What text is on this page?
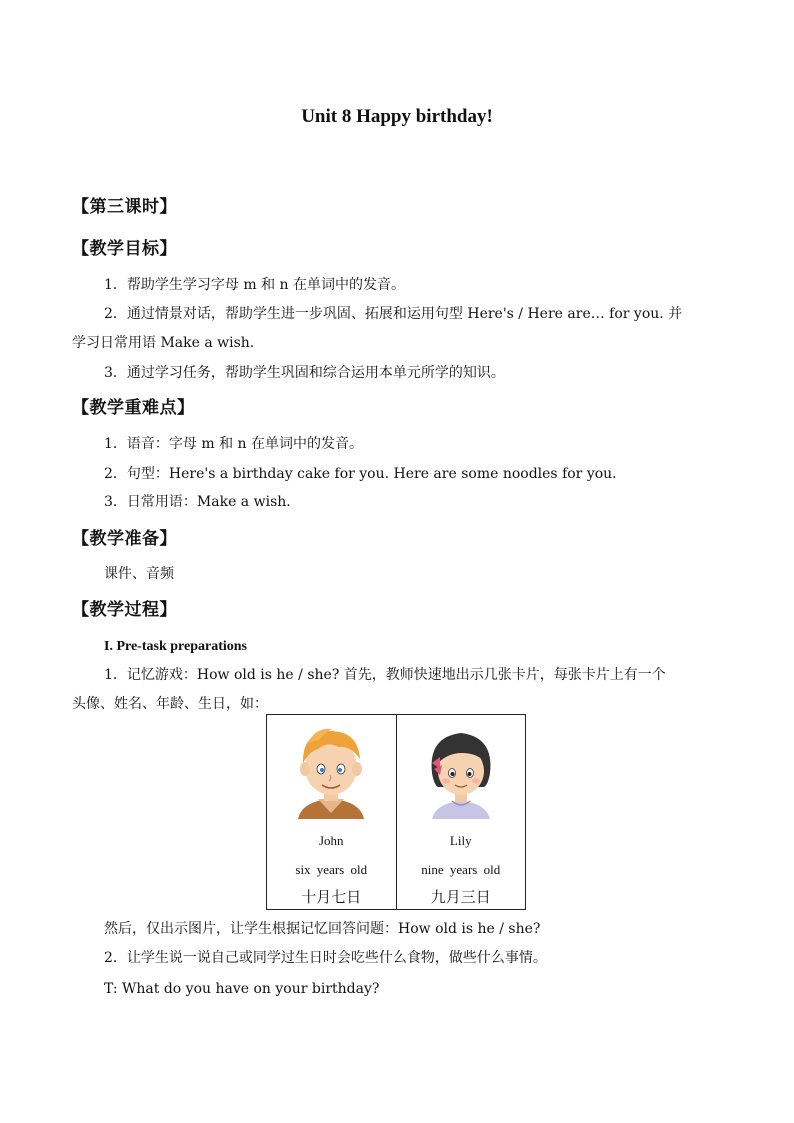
Unit 8 Happy birthday!
【第三课时】
【教学目标】
1．帮助学生学习字母 m 和 n 在单词中的发音。
2．通过情景对话，帮助学生进一步巩固、拓展和运用句型 Here's / Here are… for you. 并
学习日常用语 Make a wish.
3．通过学习任务，帮助学生巩固和综合运用本单元所学的知识。
【教学重难点】
1．语音：字母 m 和 n 在单词中的发音。
2．句型：Here's a birthday cake for you. Here are some noodles for you.
3．日常用语：Make a wish.
【教学准备】
课件、音频
【教学过程】
I. Pre-task preparations
1．记忆游戏：How old is he / she? 首先，教师快速地出示几张卡片，每张卡片上有一个
头像、姓名、年龄、生日，如：
John
six years old
十月七日
Lily
nine years old
九月三日
然后，仅出示图片，让学生根据记忆回答问题：How old is he / she?
2．让学生说一说自己或同学过生日时会吃些什么食物，做些什么事情。
T: What do you have on your birthday?
